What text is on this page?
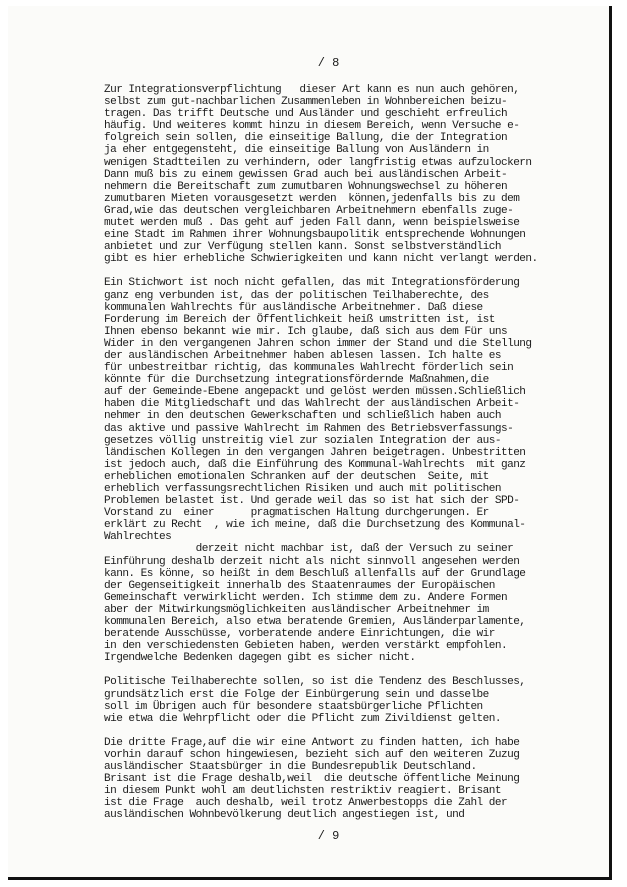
/ 8
Zur Integrationsverpflichtung   dieser Art kann es nun auch gehören,
selbst zum gut-nachbarlichen Zusammenleben in Wohnbereichen beizu-
tragen. Das trifft Deutsche und Ausländer und geschieht erfreulich
häufig. Und weiteres kommt hinzu in diesem Bereich, wenn Versuche e-
folgreich sein sollen, die einseitige Ballung, die der Integration
ja eher entgegensteht, die einseitige Ballung von Ausländern in
wenigen Stadtteilen zu verhindern, oder langfristig etwas aufzulockern
Dann muß bis zu einem gewissen Grad auch bei ausländischen Arbeit-
nehmern die Bereitschaft zum zumutbaren Wohnungswechsel zu höheren
zumutbaren Mieten vorausgesetzt werden  können,jedenfalls bis zu dem
Grad,wie das deutschen vergleichbaren Arbeitnehmern ebenfalls zuge-
mutet werden muß . Das geht auf jeden Fall dann, wenn beispielsweise
eine Stadt im Rahmen ihrer Wohnungsbaupolitik entsprechende Wohnungen
anbietet und zur Verfügung stellen kann. Sonst selbstverständlich
gibt es hier erhebliche Schwierigkeiten und kann nicht verlangt werden.
Ein Stichwort ist noch nicht gefallen, das mit Integrationsförderung
ganz eng verbunden ist, das der politischen Teilhaberechte, des
kommunalen Wahlrechts für ausländische Arbeitnehmer. Daß diese
Forderung im Bereich der Öffentlichkeit heiß umstritten ist, ist
Ihnen ebenso bekannt wie mir. Ich glaube, daß sich aus dem Für uns
Wider in den vergangenen Jahren schon immer der Stand und die Stellung
der ausländischen Arbeitnehmer haben ablesen lassen. Ich halte es
für unbestreitbar richtig, das kommunales Wahlrecht förderlich sein
könnte für die Durchsetzung integrationsfördernde Maßnahmen,die
auf der Gemeinde-Ebene angepackt und gelöst werden müssen.Schließlich
haben die Mitgliedschaft und das Wahlrecht der ausländischen Arbeit-
nehmer in den deutschen Gewerkschaften und schließlich haben auch
das aktive und passive Wahlrecht im Rahmen des Betriebsverfassungs-
gesetzes völlig unstreitig viel zur sozialen Integration der aus-
ländischen Kollegen in den vergangen Jahren beigetragen. Unbestritten
ist jedoch auch, daß die Einführung des Kommunal-Wahlrechts  mit ganz
erheblichen emotionalen Schranken auf der deutschen  Seite, mit
erheblich verfassungsrechtlichen Risiken und auch mit politischen
Problemen belastet ist. Und gerade weil das so ist hat sich der SPD-
Vorstand zu  einer      pragmatischen Haltung durchgerungen. Er
erklärt zu Recht  , wie ich meine, daß die Durchsetzung des Kommunal-
Wahlrechtes
derzeit nicht machbar ist, daß der Versuch zu seiner
Einführung deshalb derzeit nicht als nicht sinnvoll angesehen werden
kann. Es könne, so heißt in dem Beschluß allenfalls auf der Grundlage
der Gegenseitigkeit innerhalb des Staatenraumes der Europäischen
Gemeinschaft verwirklicht werden. Ich stimme dem zu. Andere Formen
aber der Mitwirkungsmöglichkeiten ausländischer Arbeitnehmer im
kommunalen Bereich, also etwa beratende Gremien, Ausländerparlamente,
beratende Ausschüsse, vorberatende andere Einrichtungen, die wir
in den verschiedensten Gebieten haben, werden verstärkt empfohlen.
Irgendwelche Bedenken dagegen gibt es sicher nicht.
Politische Teilhaberechte sollen, so ist die Tendenz des Beschlusses,
grundsätzlich erst die Folge der Einbürgerung sein und dasselbe
soll im Übrigen auch für besondere staatsbürgerliche Pflichten
wie etwa die Wehrpflicht oder die Pflicht zum Zivildienst gelten.
Die dritte Frage,auf die wir eine Antwort zu finden hatten, ich habe
vorhin darauf schon hingewiesen, bezieht sich auf den weiteren Zuzug
ausländischer Staatsbürger in die Bundesrepublik Deutschland.
Brisant ist die Frage deshalb,weil  die deutsche öffentliche Meinung
in diesem Punkt wohl am deutlichsten restriktiv reagiert. Brisant
ist die Frage  auch deshalb, weil trotz Anwerbestopps die Zahl der
ausländischen Wohnbevölkerung deutlich angestiegen ist, und
/ 9
